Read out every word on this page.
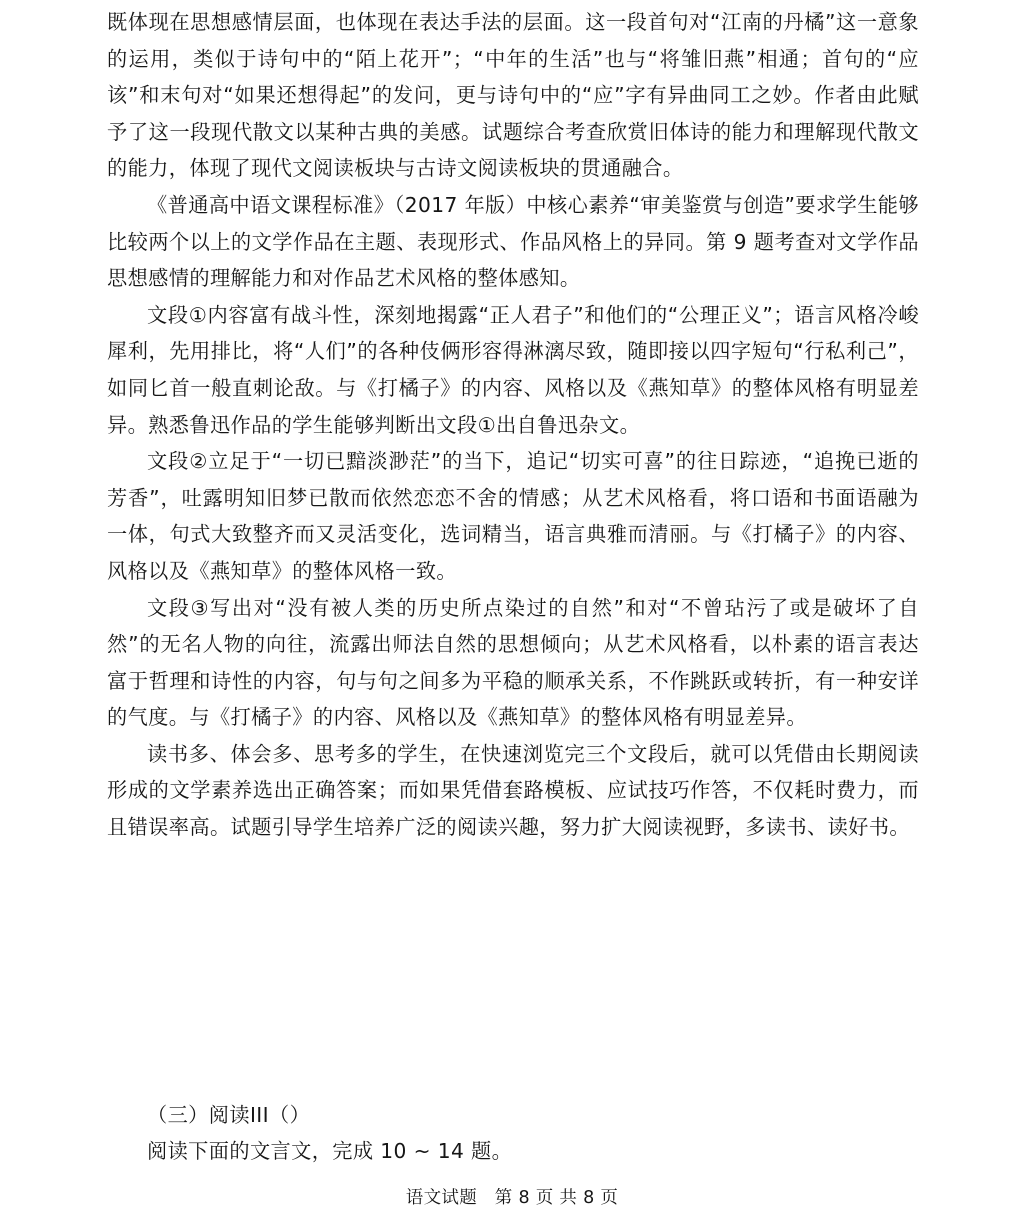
既体现在思想感情层面，也体现在表达手法的层面。这一段首句对“江南的丹橘”这一意象的运用，类似于诗句中的“陌上花开”；“中年的生活”也与“将雏旧燕”相通；首句的“应该”和末句对“如果还想得起”的发问，更与诗句中的“应”字有异曲同工之妙。作者由此赋予了这一段现代散文以某种古典的美感。试题综合考查欣赏旧体诗的能力和理解现代散文的能力，体现了现代文阅读板块与古诗文阅读板块的贯通融合。

《普通高中语文课程标准》（2017 年版）中核心素养“审美鉴赏与创造”要求学生能够比较两个以上的文学作品在主题、表现形式、作品风格上的异同。第 9 题考查对文学作品思想感情的理解能力和对作品艺术风格的整体感知。

文段①内容富有战斗性，深刻地揭露“正人君子”和他们的“公理正义”；语言风格冷峻犀利，先用排比，将“人们”的各种伎俩形容得淋漓尽致，随即接以四字短句“行私利己”，如同匕首一般直刺论敌。与《打橘子》的内容、风格以及《燕知草》的整体风格有明显差异。熟悉鲁迅作品的学生能够判断出文段①出自鲁迅杂文。

文段②立足于“一切已黯淡渺茫”的当下，追记“切实可喜”的往日踪迹，“追挽已逝的芳香”，吐露明知旧梦已散而依然恋恋不舍的情感；从艺术风格看，将口语和书面语融为一体，句式大致整齐而又灵活变化，选词精当，语言典雅而清丽。与《打橘子》的内容、风格以及《燕知草》的整体风格一致。

文段③写出对“没有被人类的历史所点染过的自然”和对“不曾玷污了或是破坏了自然”的无名人物的向往，流露出师法自然的思想倾向；从艺术风格看，以朴素的语言表达富于哲理和诗性的内容，句与句之间多为平稳的顺承关系，不作跳跃或转折，有一种安详的气度。与《打橘子》的内容、风格以及《燕知草》的整体风格有明显差异。

读书多、体会多、思考多的学生，在快速浏览完三个文段后，就可以凭借由长期阅读形成的文学素养选出正确答案；而如果凭借套路模板、应试技巧作答，不仅耗时费力，而且错误率高。试题引导学生培养广泛的阅读兴趣，努力扩大阅读视野，多读书、读好书。

（三）阅读III（）

阅读下面的文言文，完成 10 ~ 14 题。

语文试题　第 8 页 共 8 页
